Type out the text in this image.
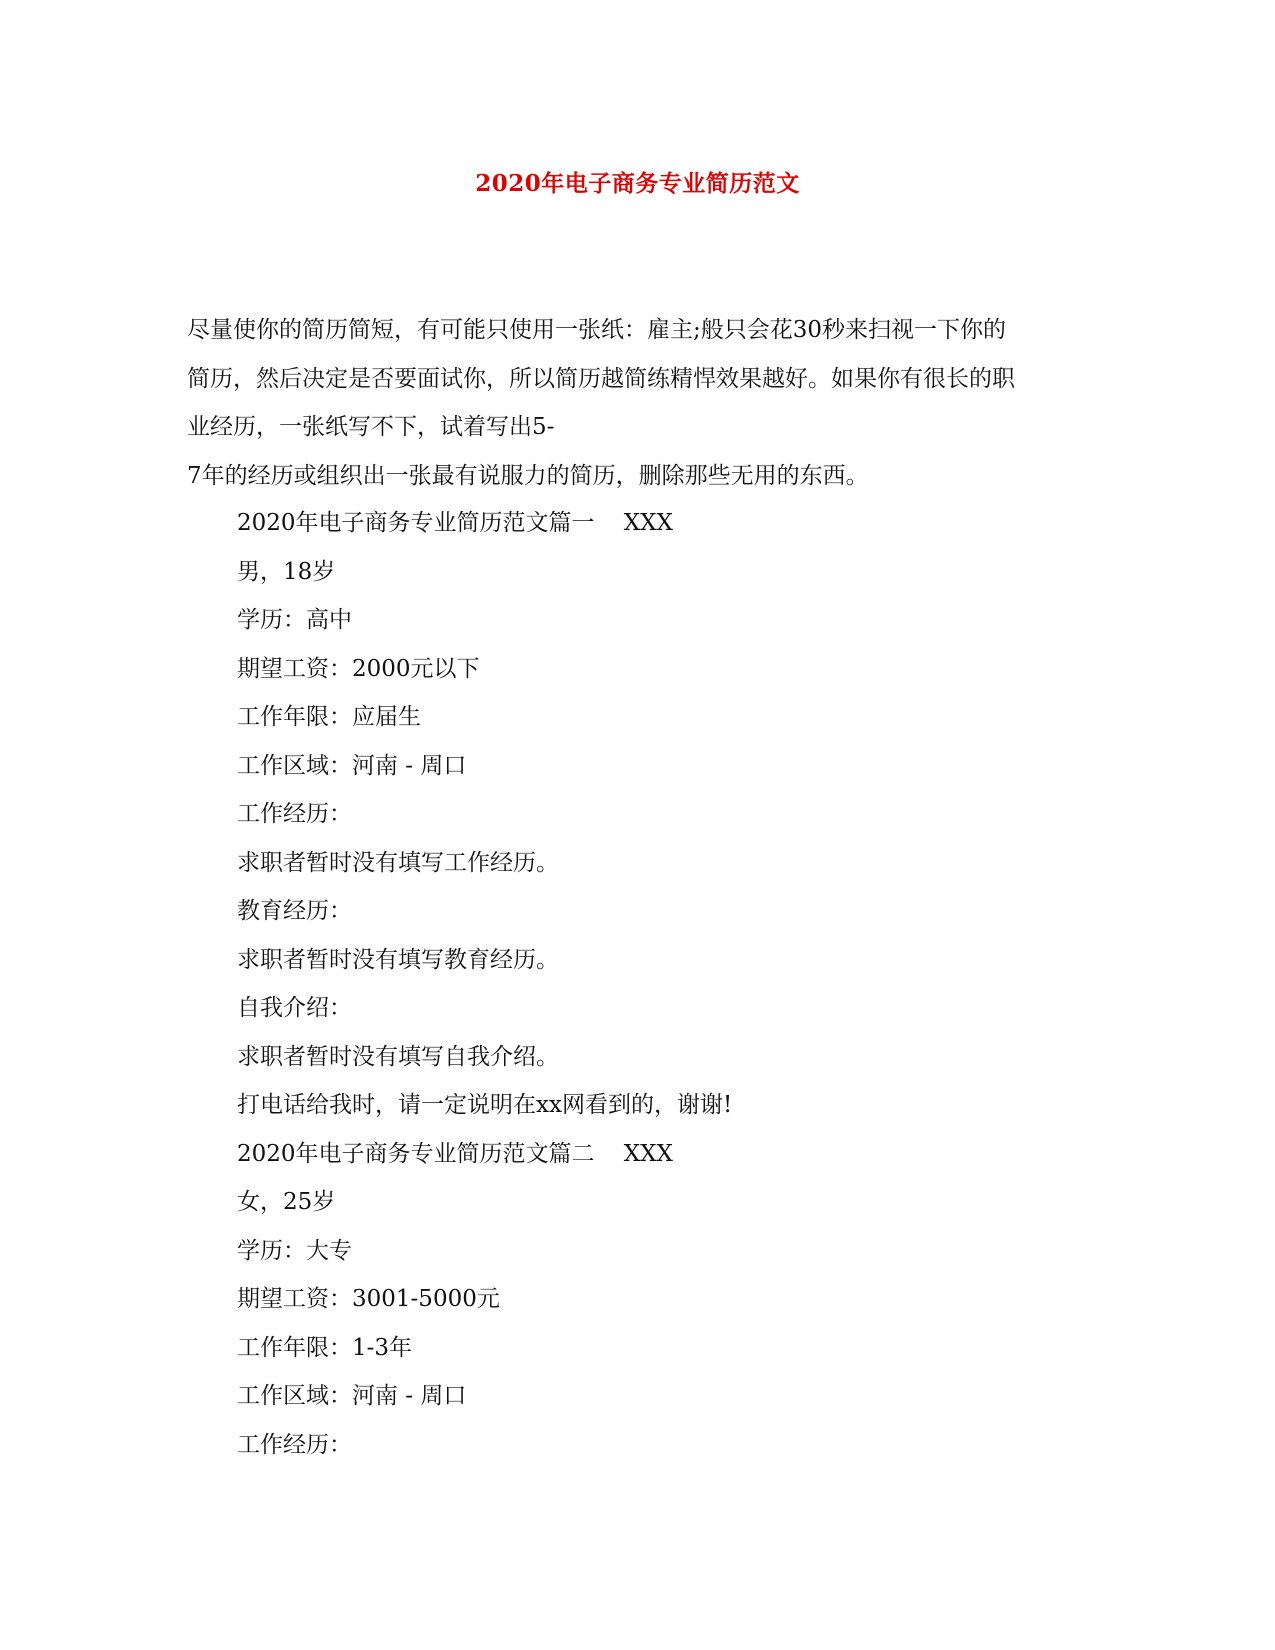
2020年电子商务专业简历范文

尽量使你的简历简短，有可能只使用一张纸：雇主;般只会花30秒来扫视一下你的

简历，然后决定是否要面试你，所以简历越简练精悍效果越好。如果你有很长的职

业经历，一张纸写不下，试着写出5-

7年的经历或组织出一张最有说服力的简历，删除那些无用的东西。

2020年电子商务专业简历范文篇一    XXX

男，18岁

学历：高中

期望工资：2000元以下

工作年限：应届生

工作区域：河南 - 周口

工作经历：

求职者暂时没有填写工作经历。

教育经历：

求职者暂时没有填写教育经历。

自我介绍：

求职者暂时没有填写自我介绍。

打电话给我时，请一定说明在xx网看到的，谢谢!

2020年电子商务专业简历范文篇二    XXX

女，25岁

学历：大专

期望工资：3001-5000元

工作年限：1-3年

工作区域：河南 - 周口

工作经历：
